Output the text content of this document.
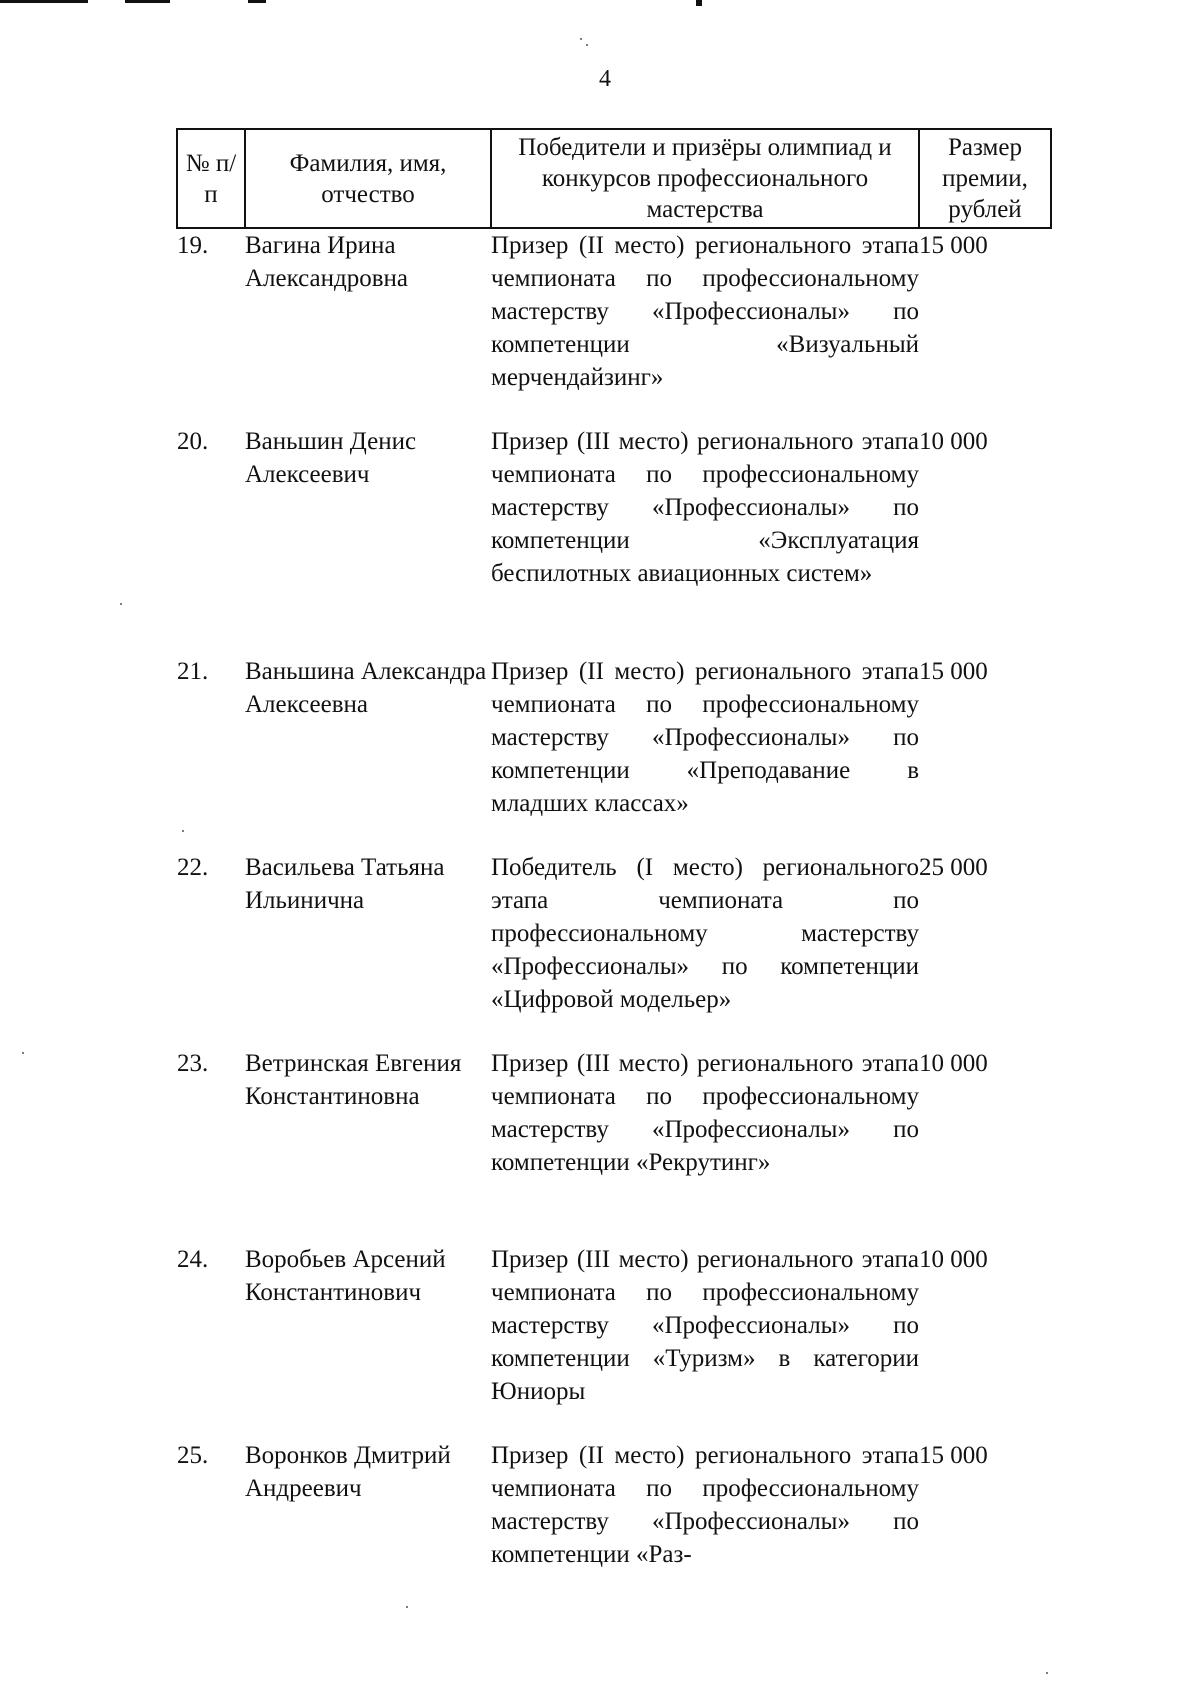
4
№ п/п	Фамилия, имя, отчество	Победители и призёры олимпиад и конкурсов профессионального мастерства	Размер премии, рублей
19.	Вагина Ирина Александровна	Призер (II место) регионального этапа чемпионата по профессиональному мастерству «Профессионалы» по компетенции «Визуальный мерчендайзинг»	15 000
20.	Ваньшин Денис Алексеевич	Призер (III место) регионального этапа чемпионата по профессиональному мастерству «Профессионалы» по компетенции «Эксплуатация беспилотных авиационных систем»	10 000
21.	Ваньшина Александра Алексеевна	Призер (II место) регионального этапа чемпионата по профессиональному мастерству «Профессионалы» по компетенции «Преподавание в младших классах»	15 000
22.	Васильева Татьяна Ильинична	Победитель (I место) регионального этапа чемпионата по профессиональному мастерству «Профессионалы» по компетенции «Цифровой модельер»	25 000
23.	Ветринская Евгения Константиновна	Призер (III место) регионального этапа чемпионата по профессиональному мастерству «Профессионалы» по компетенции «Рекрутинг»	10 000
24.	Воробьев Арсений Константинович	Призер (III место) регионального этапа чемпионата по профессиональному мастерству «Профессионалы» по компетенции «Туризм» в категории Юниоры	10 000
25.	Воронков Дмитрий Андреевич	Призер (II место) регионального этапа чемпионата по профессиональному мастерству «Профессионалы» по компетенции «Раз-	15 000
